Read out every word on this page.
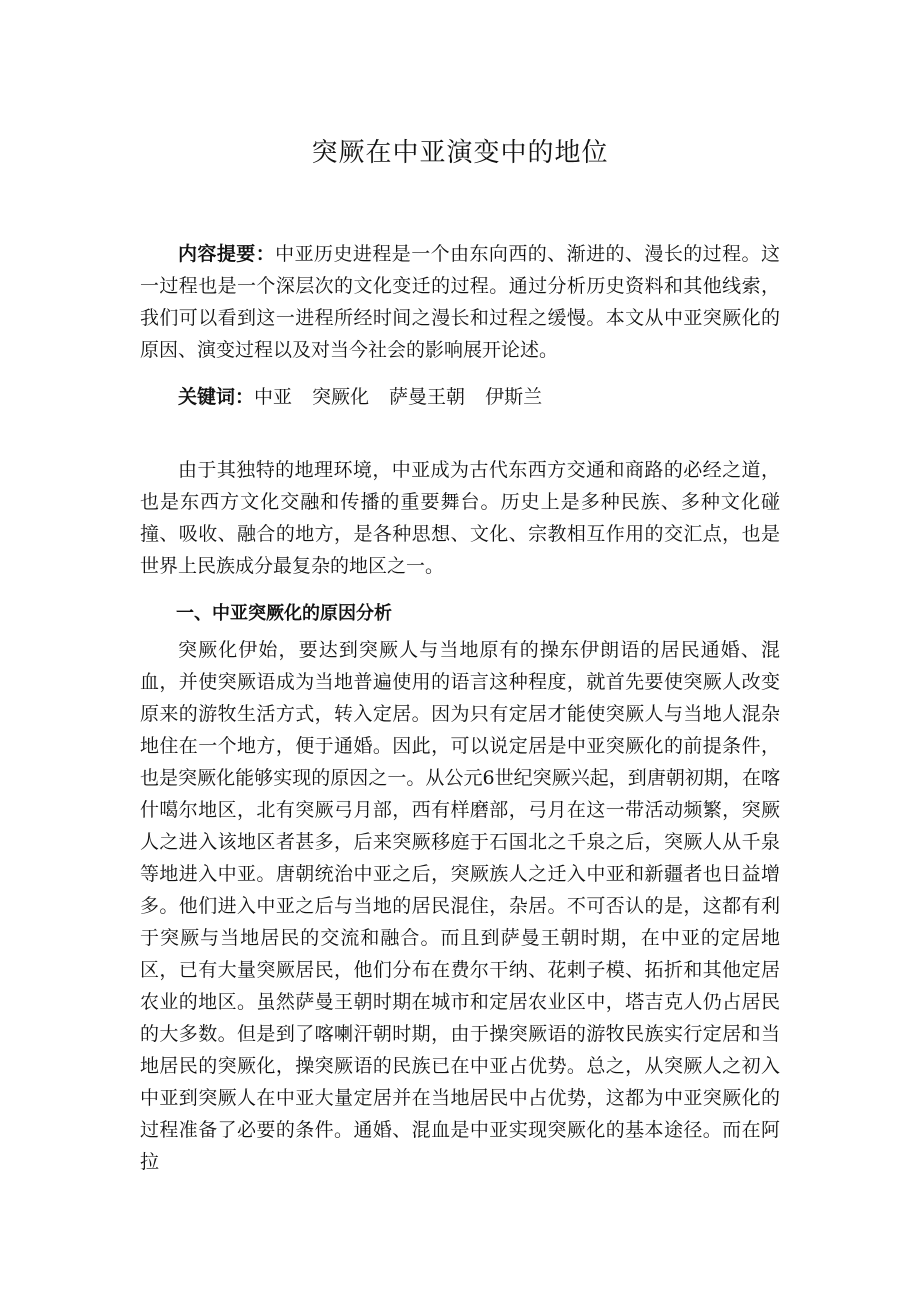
突厥在中亚演变中的地位

内容提要：中亚历史进程是一个由东向西的、渐进的、漫长的过程。这一过程也是一个深层次的文化变迁的过程。通过分析历史资料和其他线索，我们可以看到这一进程所经时间之漫长和过程之缓慢。本文从中亚突厥化的原因、演变过程以及对当今社会的影响展开论述。

关键词：中亚 突厥化 萨曼王朝 伊斯兰

由于其独特的地理环境，中亚成为古代东西方交通和商路的必经之道，也是东西方文化交融和传播的重要舞台。历史上是多种民族、多种文化碰撞、吸收、融合的地方，是各种思想、文化、宗教相互作用的交汇点，也是世界上民族成分最复杂的地区之一。

一、中亚突厥化的原因分析

突厥化伊始，要达到突厥人与当地原有的操东伊朗语的居民通婚、混血，并使突厥语成为当地普遍使用的语言这种程度，就首先要使突厥人改变原来的游牧生活方式，转入定居。因为只有定居才能使突厥人与当地人混杂地住在一个地方，便于通婚。因此，可以说定居是中亚突厥化的前提条件，也是突厥化能够实现的原因之一。从公元6世纪突厥兴起，到唐朝初期，在喀什噶尔地区，北有突厥弓月部，西有样磨部，弓月在这一带活动频繁，突厥人之进入该地区者甚多，后来突厥移庭于石国北之千泉之后，突厥人从千泉等地进入中亚。唐朝统治中亚之后，突厥族人之迁入中亚和新疆者也日益增多。他们进入中亚之后与当地的居民混住，杂居。不可否认的是，这都有利于突厥与当地居民的交流和融合。而且到萨曼王朝时期，在中亚的定居地区，已有大量突厥居民，他们分布在费尔干纳、花剌子模、拓折和其他定居农业的地区。虽然萨曼王朝时期在城市和定居农业区中，塔吉克人仍占居民的大多数。但是到了喀喇汗朝时期，由于操突厥语的游牧民族实行定居和当地居民的突厥化，操突厥语的民族已在中亚占优势。总之，从突厥人之初入中亚到突厥人在中亚大量定居并在当地居民中占优势，这都为中亚突厥化的过程准备了必要的条件。通婚、混血是中亚实现突厥化的基本途径。而在阿拉
